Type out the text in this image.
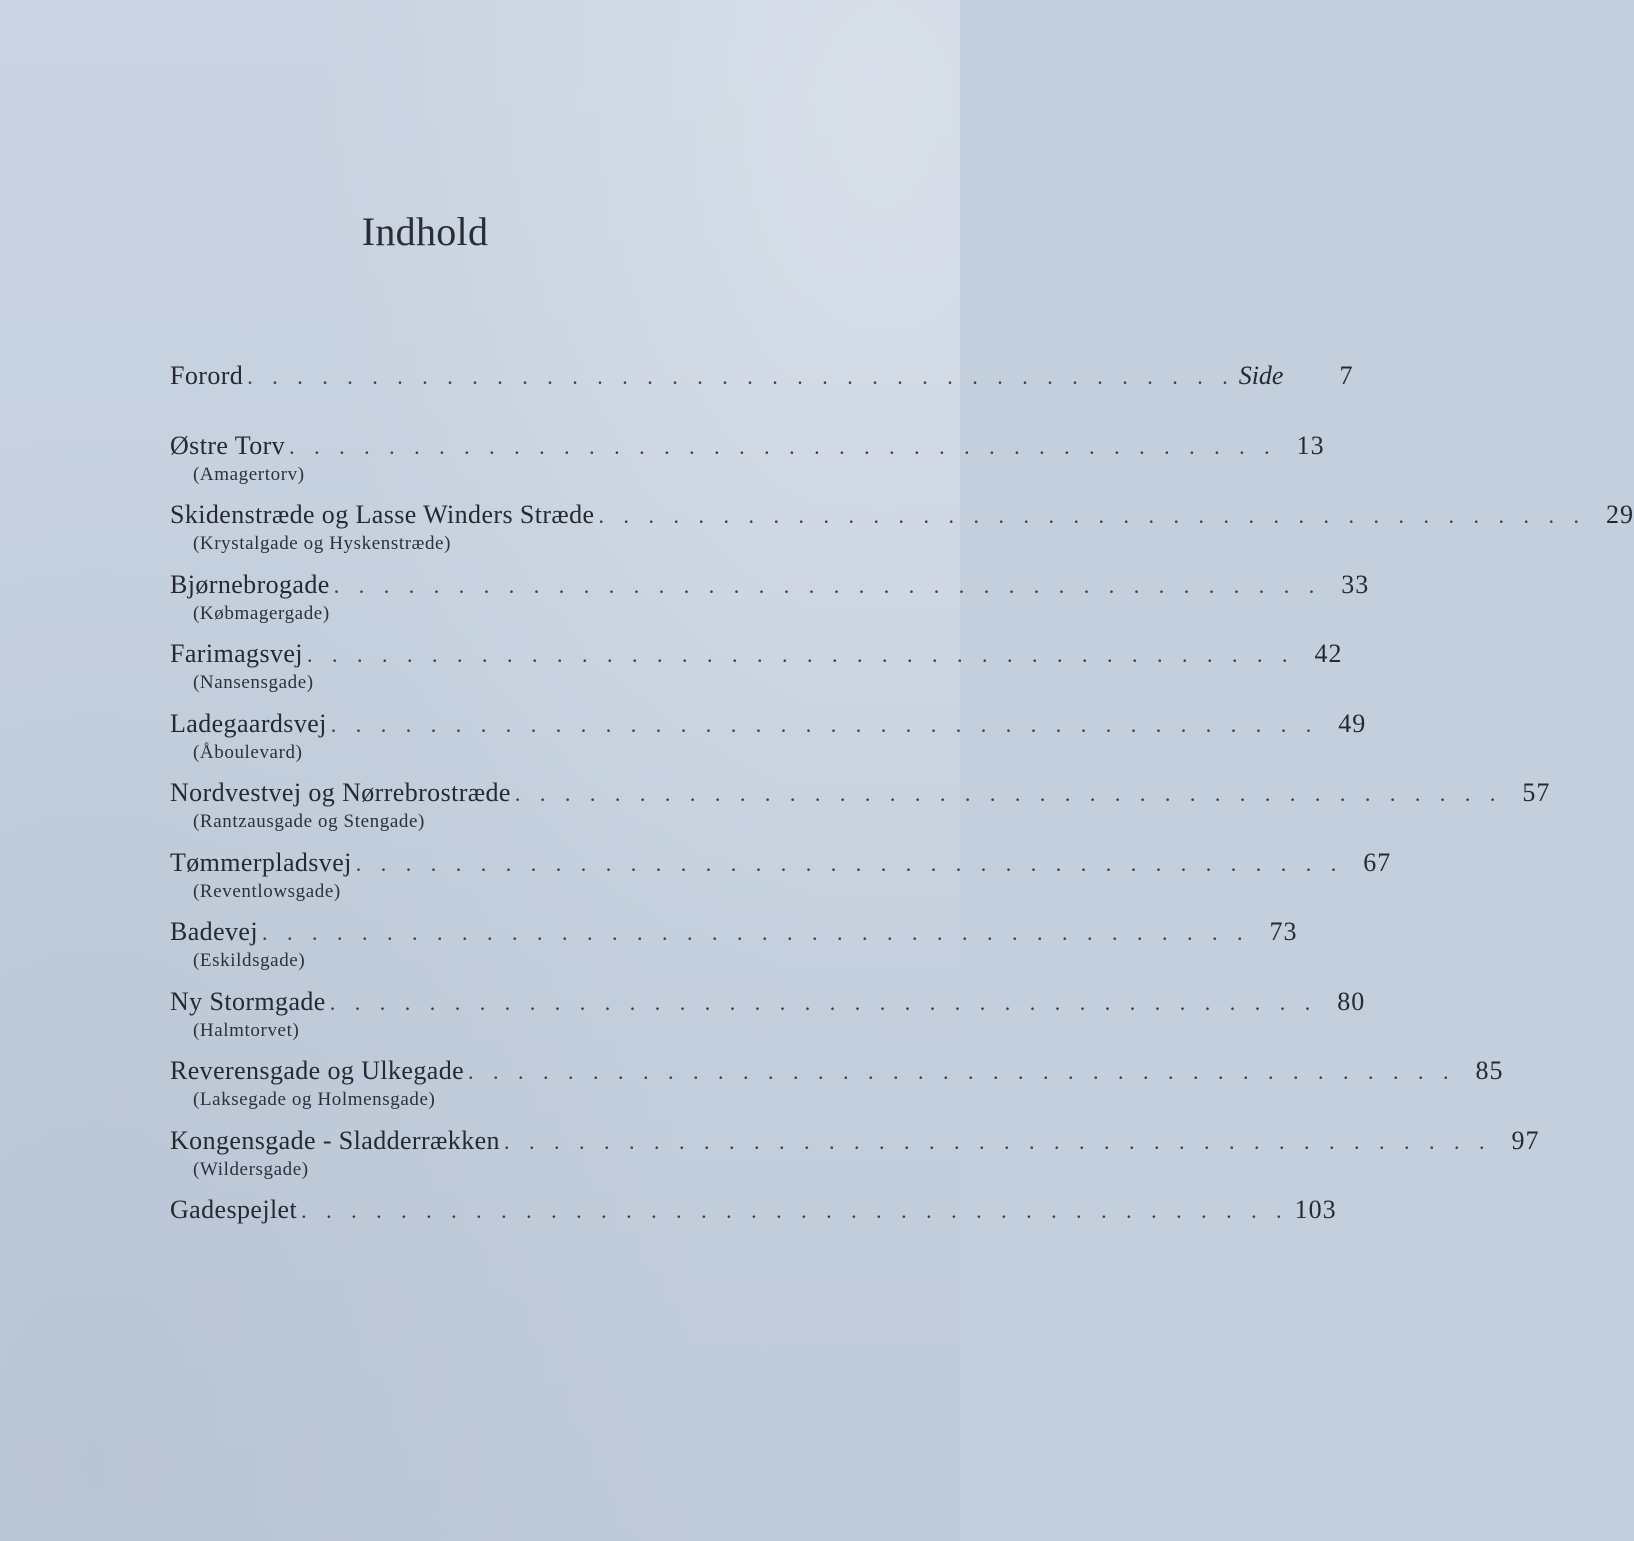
Indhold
Forord . . . . . . . . . . . . . . . . . . . . . . . . . . . . . . . . . . . . . . . . Side	7
Østre Torv . . . . . . . . . . . . . . . . . . . . . . . . . . . . . . . . . . . . . . . . 13
(Amagertorv)
Skidenstræde og Lasse Winders Stræde . . . . . . . . . . . . . . . . . . . . . . . . . . . . . . . . . . . . . . . . 29
(Krystalgade og Hyskenstræde)
Bjørnebrogade . . . . . . . . . . . . . . . . . . . . . . . . . . . . . . . . . . . . . . . . 33
(Købmagergade)
Farimagsvej . . . . . . . . . . . . . . . . . . . . . . . . . . . . . . . . . . . . . . . . 42
(Nansensgade)
Ladegaardsvej . . . . . . . . . . . . . . . . . . . . . . . . . . . . . . . . . . . . . . . . 49
(Åboulevard)
Nordvestvej og Nørrebrostræde . . . . . . . . . . . . . . . . . . . . . . . . . . . . . . . . . . . . . . . . 57
(Rantzausgade og Stengade)
Tømmerpladsvej . . . . . . . . . . . . . . . . . . . . . . . . . . . . . . . . . . . . . . . . 67
(Reventlowsgade)
Badevej . . . . . . . . . . . . . . . . . . . . . . . . . . . . . . . . . . . . . . . . 73
(Eskildsgade)
Ny Stormgade . . . . . . . . . . . . . . . . . . . . . . . . . . . . . . . . . . . . . . . . 80
(Halmtorvet)
Reverensgade og Ulkegade . . . . . . . . . . . . . . . . . . . . . . . . . . . . . . . . . . . . . . . . 85
(Laksegade og Holmensgade)
Kongensgade - Sladderrækken . . . . . . . . . . . . . . . . . . . . . . . . . . . . . . . . . . . . . . . . 97
(Wildersgade)
Gadespejlet . . . . . . . . . . . . . . . . . . . . . . . . . . . . . . . . . . . . . . . . 103
